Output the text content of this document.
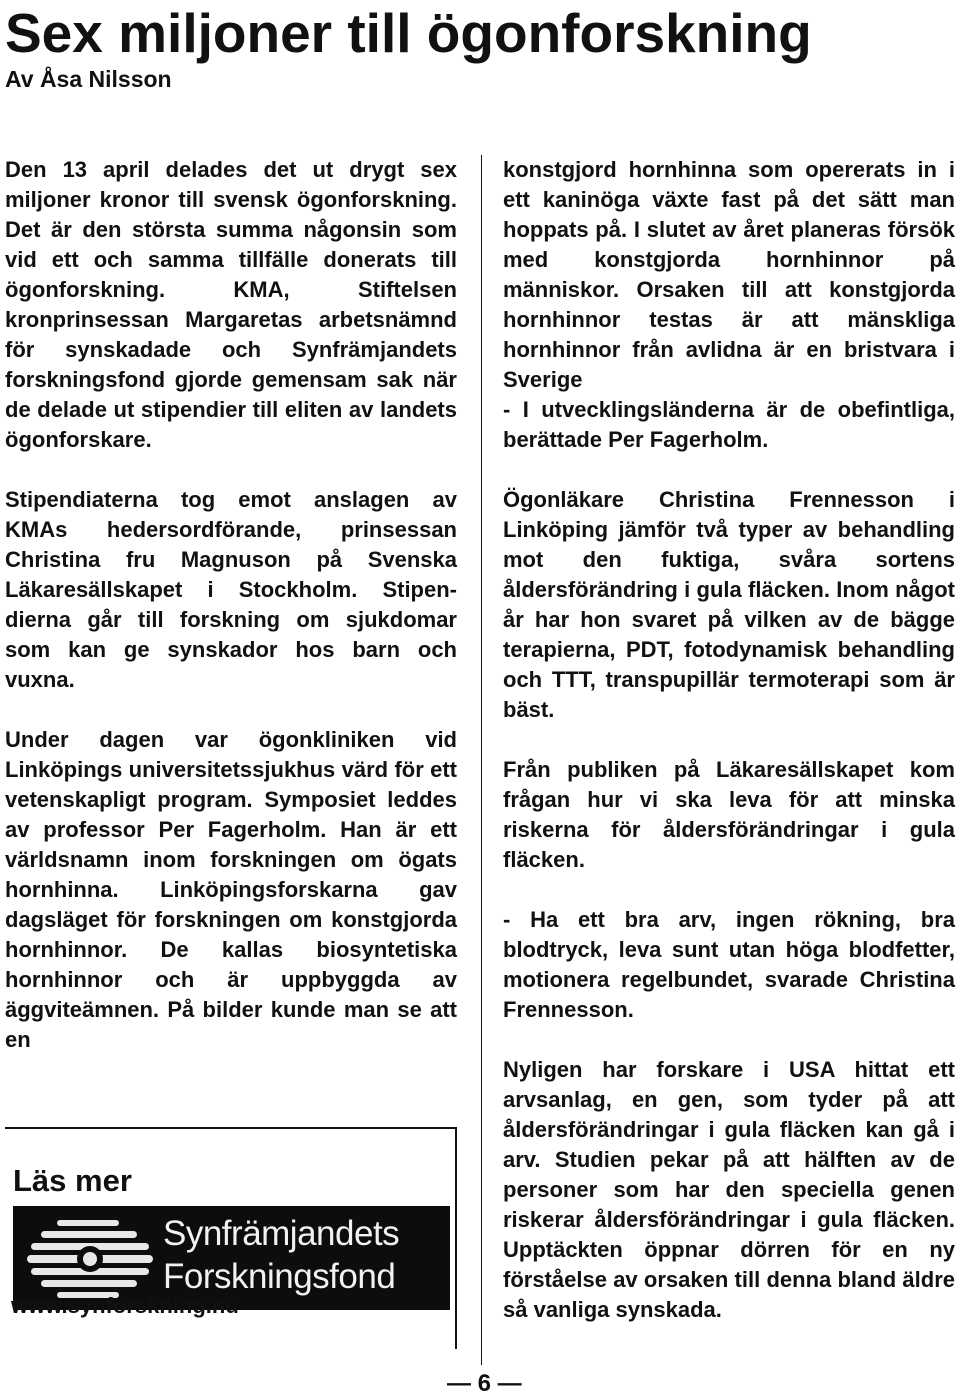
Sex miljoner till ögonforskning
Av Åsa Nilsson

Den 13 april delades det ut drygt sex miljoner kronor till svensk ögonforskning. Det är den största summa någonsin som vid ett och samma tillfälle donerats till ögonforskning. KMA, Stiftelsen kronprinsessan Margaretas arbetsnämnd för synskadade och Synfrämjandets forskningsfond gjorde gemensam sak när de delade ut stipendier till eliten av landets ögonforskare.

Stipendiaterna tog emot anslagen av KMAs hedersordförande, prinsessan Christina fru Magnuson på Svenska Läkaresällskapet i Stockholm. Stipendierna går till forskning om sjukdomar som kan ge synskador hos barn och vuxna.

Under dagen var ögonkliniken vid Linköpings universitetssjukhus värd för ett vetenskapligt program. Symposiet leddes av professor Per Fagerholm. Han är ett världsnamn inom forskningen om ögats hornhinna. Linköpingsforskarna gav dagsläget för forskningen om konstgjorda hornhinnor. De kallas biosyntetiska hornhinnor och är uppbyggda av äggviteämnen. På bilder kunde man se att en

konstgjord hornhinna som opererats in i ett kaninöga växte fast på det sätt man hoppats på. I slutet av året planeras försök med konstgjorda hornhinnor på människor. Orsaken till att konstgjorda hornhinnor testas är att mänskliga hornhinnor från avlidna är en bristvara i Sverige

- I utvecklingsländerna är de obefintliga, berättade Per Fagerholm.

Ögonläkare Christina Frennesson i Linköping jämför två typer av behandling mot den fuktiga, svåra sortens åldersförändring i gula fläcken. Inom något år har hon svaret på vilken av de bägge terapierna, PDT, fotodynamisk behandling och TTT, transpupillär termoterapi som är bäst.

Från publiken på Läkaresällskapet kom frågan hur vi ska leva för att minska riskerna för åldersförändringar i gula fläcken.

- Ha ett bra arv, ingen rökning, bra blodtryck, leva sunt utan höga blodfetter, motionera regelbundet, svarade Christina Frennesson.

Nyligen har forskare i USA hittat ett arvsanlag, en gen, som tyder på att åldersförändringar i gula fläcken kan gå i arv. Studien pekar på att hälften av de personer som har den speciella genen riskerar åldersförändringar i gula fläcken. Upptäckten öppnar dörren för en ny förståelse av orsaken till denna bland äldre så vanliga synskada.

Läs mer
Synfrämjandets
Forskningsfond
www.synforskning.nu
— 6 —
